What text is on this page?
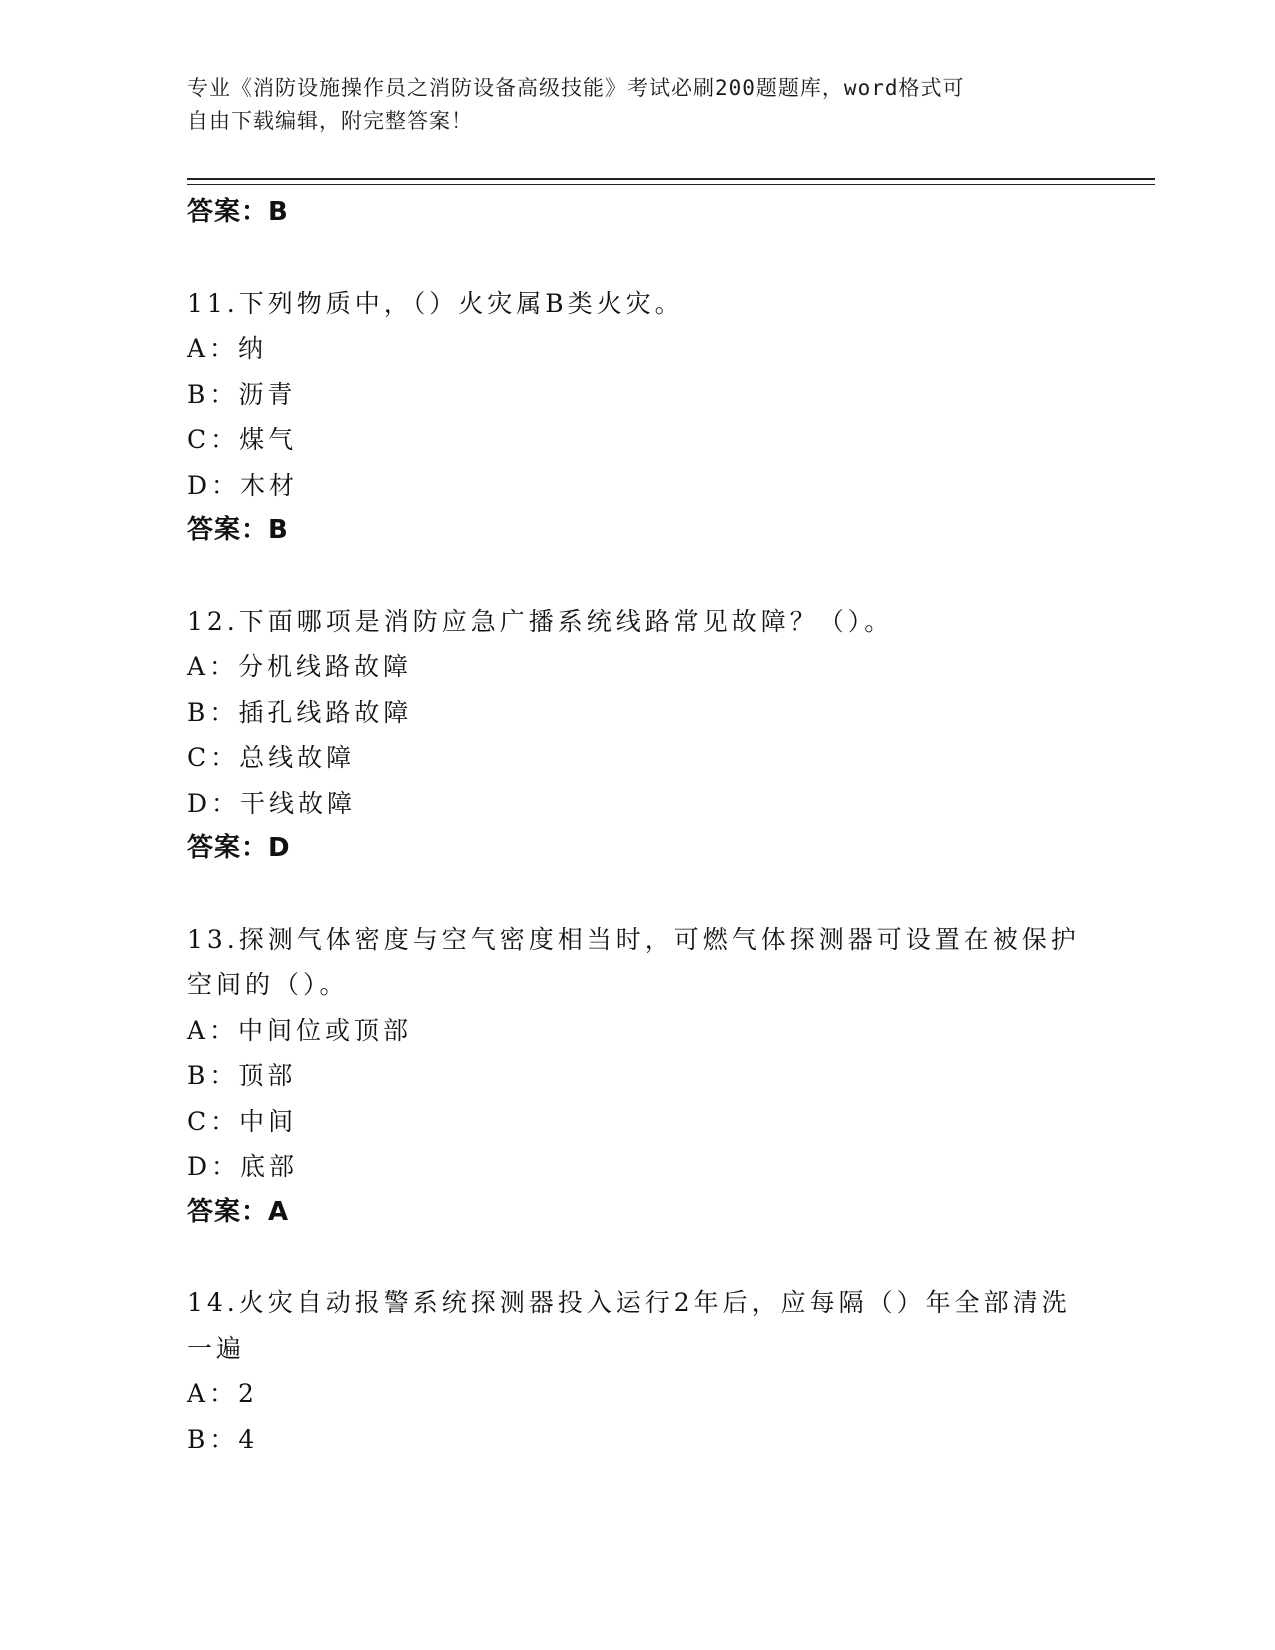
专业《消防设施操作员之消防设备高级技能》考试必刷200题题库，word格式可
自由下载编辑，附完整答案！
答案：B
11.下列物质中，（）火灾属B类火灾。
A：纳
B：沥青
C：煤气
D：木材
答案：B
12.下面哪项是消防应急广播系统线路常见故障？（）。
A：分机线路故障
B：插孔线路故障
C：总线故障
D：干线故障
答案：D
13.探测气体密度与空气密度相当时，可燃气体探测器可设置在被保护
空间的（）。
A：中间位或顶部
B：顶部
C：中间
D：底部
答案：A
14.火灾自动报警系统探测器投入运行2年后，应每隔（）年全部清洗
一遍
A：2
B：4
